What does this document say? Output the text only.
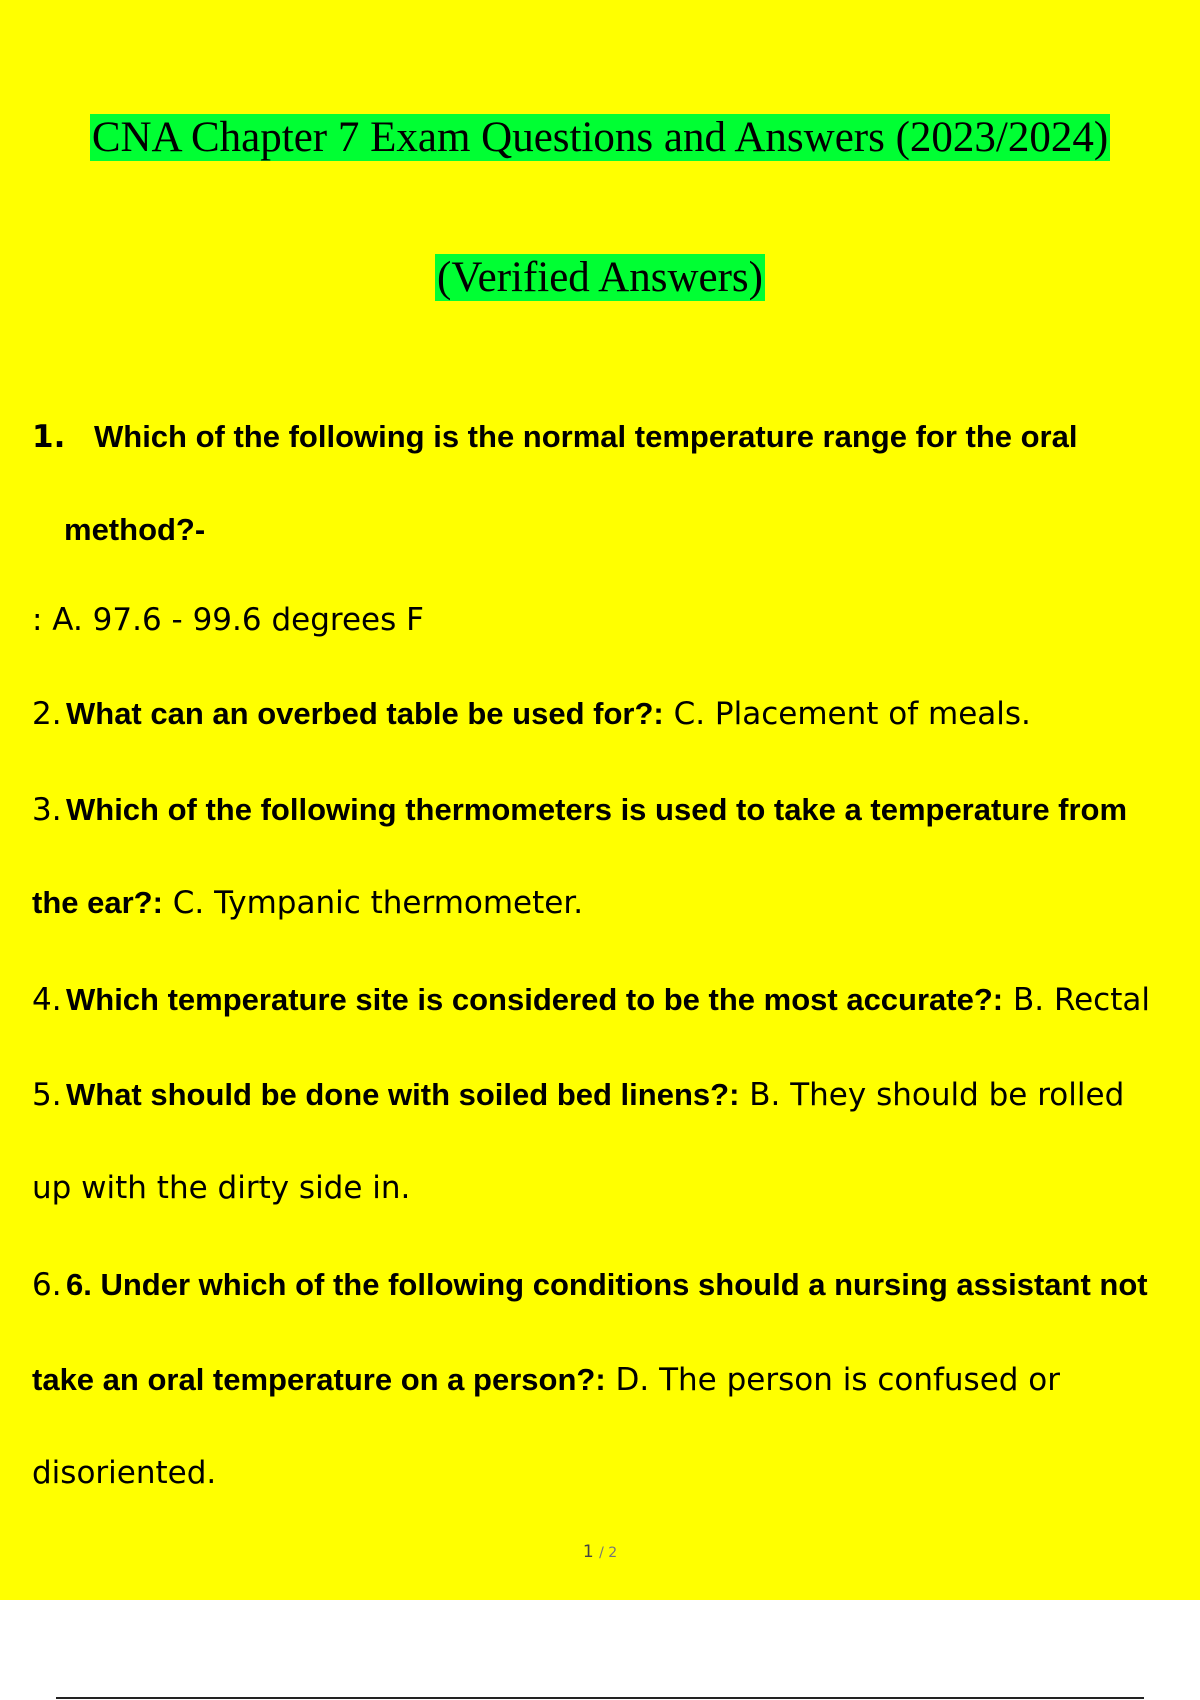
CNA Chapter 7 Exam Questions and Answers (2023/2024)
(Verified Answers)
1. Which of the following is the normal temperature range for the oral
method?-
: A. 97.6 - 99.6 degrees F
2. What can an overbed table be used for?: C. Placement of meals.
3. Which of the following thermometers is used to take a temperature from
the ear?: C. Tympanic thermometer.
4. Which temperature site is considered to be the most accurate?: B. Rectal
5. What should be done with soiled bed linens?: B. They should be rolled
up with the dirty side in.
6. 6. Under which of the following conditions should a nursing assistant not
take an oral temperature on a person?: D. The person is confused or
disoriented.
1 / 2
